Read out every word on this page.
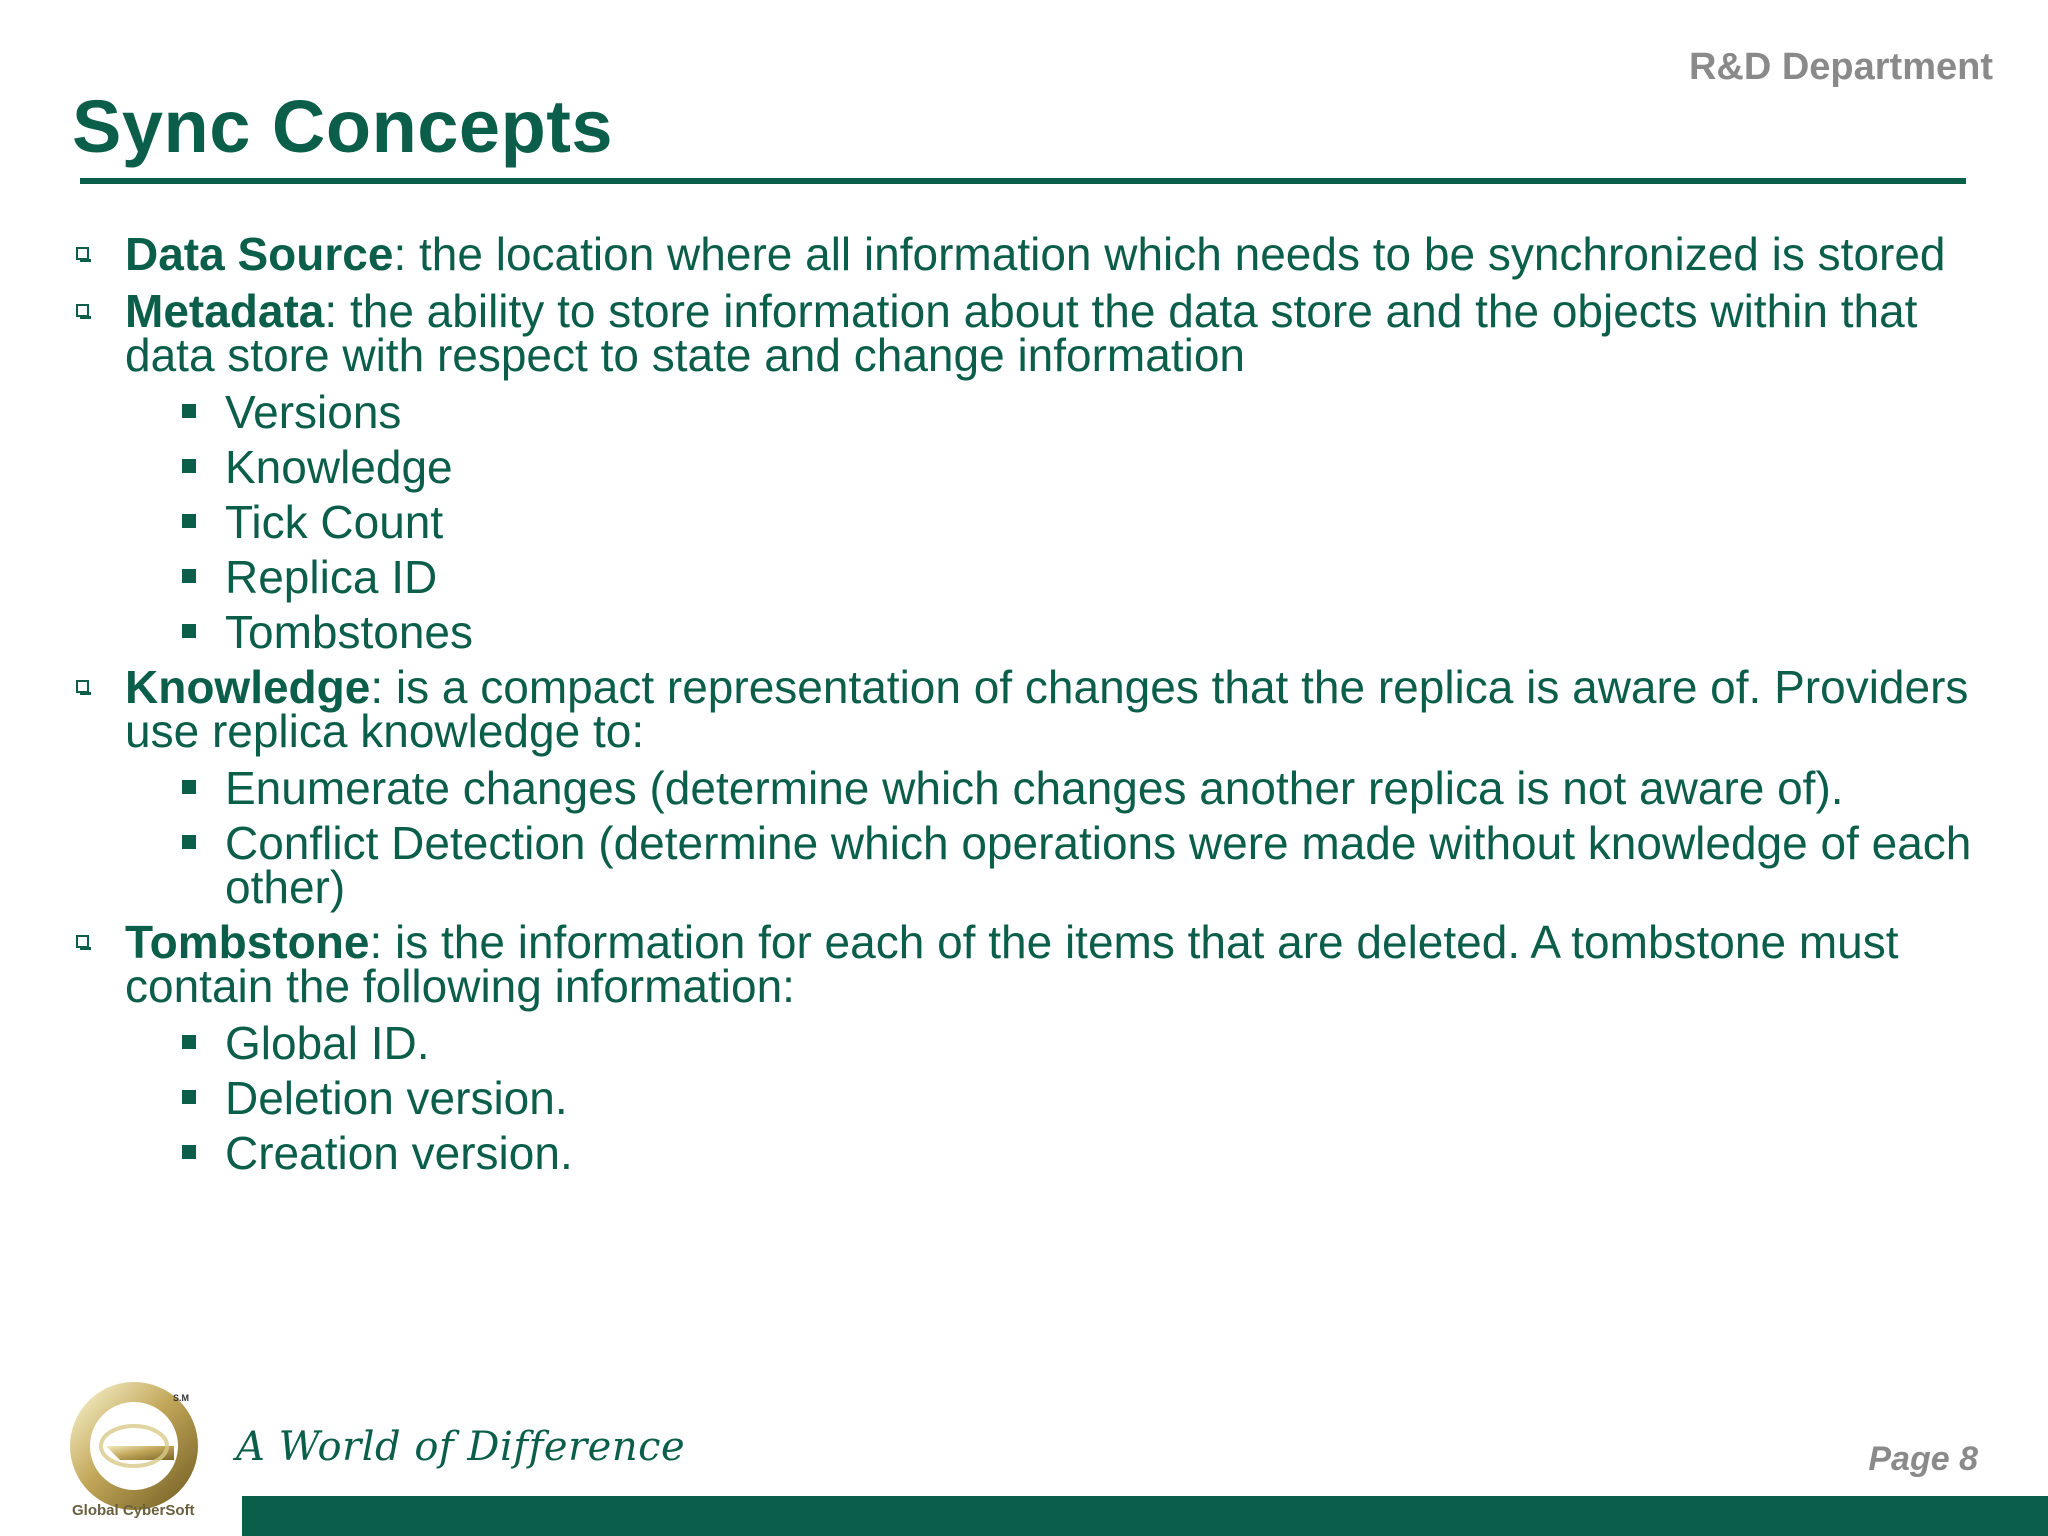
R&D Department
Sync Concepts
Data Source: the location where all information which needs to be synchronized is stored
Metadata: the ability to store information about the data store and the objects within that data store with respect to state and change information
Versions
Knowledge
Tick Count
Replica ID
Tombstones
Knowledge: is a compact representation of changes that the replica is aware of. Providers use replica knowledge to:
Enumerate changes (determine which changes another replica is not aware of).
Conflict Detection (determine which operations were made without knowledge of each other)
Tombstone: is the information for each of the items that are deleted. A tombstone must contain the following information:
Global ID.
Deletion version.
Creation version.
S.M
Global CyberSoft
A World of Difference	Page 8
